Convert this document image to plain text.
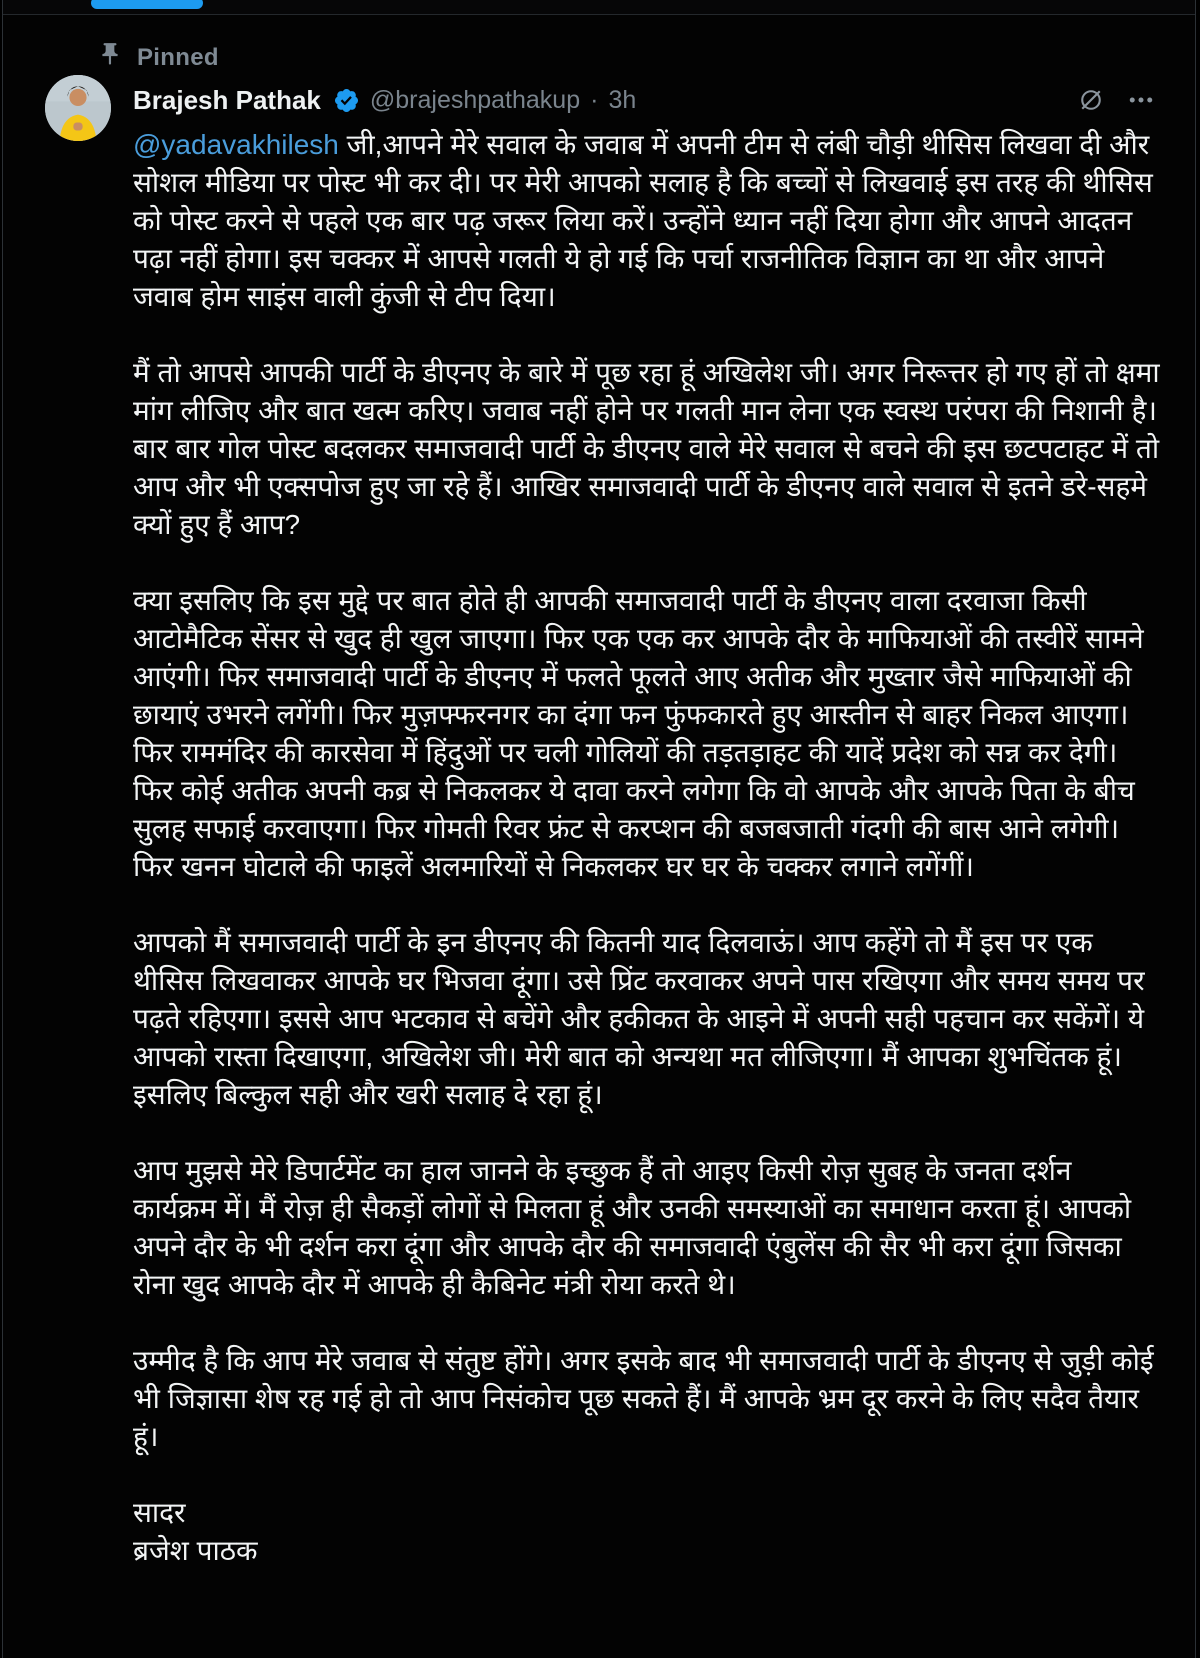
Pinned
Brajesh Pathak @brajeshpathakup · 3h

@yadavakhilesh जी,आपने मेरे सवाल के जवाब में अपनी टीम से लंबी चौड़ी थीसिस लिखवा दी और सोशल मीडिया पर पोस्ट भी कर दी। पर मेरी आपको सलाह है कि बच्चों से लिखवाई इस तरह की थीसिस को पोस्ट करने से पहले एक बार पढ़ जरूर लिया करें। उन्होंने ध्यान नहीं दिया होगा और आपने आदतन पढ़ा नहीं होगा। इस चक्कर में आपसे गलती ये हो गई कि पर्चा राजनीतिक विज्ञान का था और आपने जवाब होम साइंस वाली कुंजी से टीप दिया।

मैं तो आपसे आपकी पार्टी के डीएनए के बारे में पूछ रहा हूं अखिलेश जी। अगर निरूत्तर हो गए हों तो क्षमा मांग लीजिए और बात खत्म करिए। जवाब नहीं होने पर गलती मान लेना एक स्वस्थ परंपरा की निशानी है। बार बार गोल पोस्ट बदलकर समाजवादी पार्टी के डीएनए वाले मेरे सवाल से बचने की इस छटपटाहट में तो आप और भी एक्सपोज हुए जा रहे हैं। आखिर समाजवादी पार्टी के डीएनए वाले सवाल से इतने डरे-सहमे क्यों हुए हैं आप?

क्या इसलिए कि इस मुद्दे पर बात होते ही आपकी समाजवादी पार्टी के डीएनए वाला दरवाजा किसी आटोमैटिक सेंसर से खुद ही खुल जाएगा। फिर एक एक कर आपके दौर के माफियाओं की तस्वीरें सामने आएंगी। फिर समाजवादी पार्टी के डीएनए में फलते फूलते आए अतीक और मुख्तार जैसे माफियाओं की छायाएं उभरने लगेंगी। फिर मुज़फ्फरनगर का दंगा फन फुंफकारते हुए आस्तीन से बाहर निकल आएगा। फिर राममंदिर की कारसेवा में हिंदुओं पर चली गोलियों की तड़तड़ाहट की यादें प्रदेश को सन्न कर देगी। फिर कोई अतीक अपनी कब्र से निकलकर ये दावा करने लगेगा कि वो आपके और आपके पिता के बीच सुलह सफाई करवाएगा। फिर गोमती रिवर फ्रंट से करप्शन की बजबजाती गंदगी की बास आने लगेगी। फिर खनन घोटाले की फाइलें अलमारियों से निकलकर घर घर के चक्कर लगाने लगेंगीं।

आपको मैं समाजवादी पार्टी के इन डीएनए की कितनी याद दिलवाऊं। आप कहेंगे तो मैं इस पर एक थीसिस लिखवाकर आपके घर भिजवा दूंगा। उसे प्रिंट करवाकर अपने पास रखिएगा और समय समय पर पढ़ते रहिएगा। इससे आप भटकाव से बचेंगे और हकीकत के आइने में अपनी सही पहचान कर सकेंगें। ये आपको रास्ता दिखाएगा, अखिलेश जी। मेरी बात को अन्यथा मत लीजिएगा। मैं आपका शुभचिंतक हूं। इसलिए बिल्कुल सही और खरी सलाह दे रहा हूं।

आप मुझसे मेरे डिपार्टमेंट का हाल जानने के इच्छुक हैं तो आइए किसी रोज़ सुबह के जनता दर्शन कार्यक्रम में। मैं रोज़ ही सैकड़ों लोगों से मिलता हूं और उनकी समस्याओं का समाधान करता हूं। आपको अपने दौर के भी दर्शन करा दूंगा और आपके दौर की समाजवादी एंबुलेंस की सैर भी करा दूंगा जिसका रोना खुद आपके दौर में आपके ही कैबिनेट मंत्री रोया करते थे।

उम्मीद है कि आप मेरे जवाब से संतुष्ट होंगे। अगर इसके बाद भी समाजवादी पार्टी के डीएनए से जुड़ी कोई भी जिज्ञासा शेष रह गई हो तो आप निसंकोच पूछ सकते हैं। मैं आपके भ्रम दूर करने के लिए सदैव तैयार हूं।

सादर

ब्रजेश पाठक
